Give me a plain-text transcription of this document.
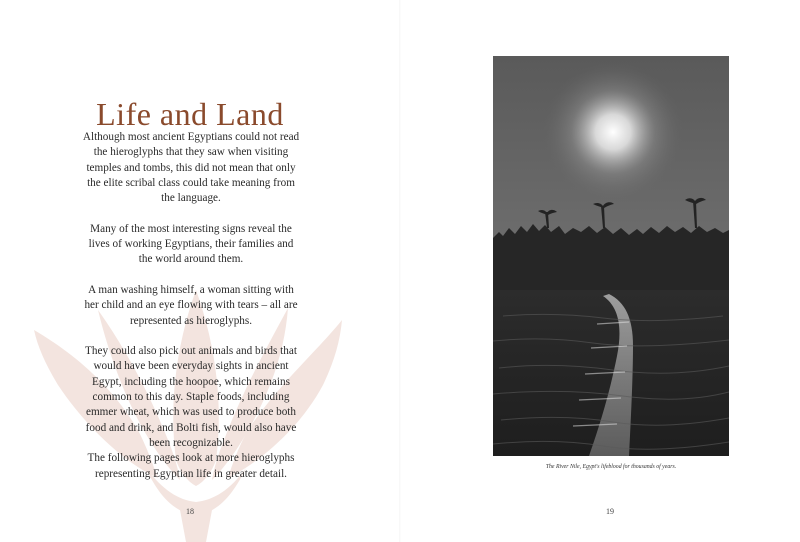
Life and Land

Although most ancient Egyptians could not read the hieroglyphs that they saw when visiting temples and tombs, this did not mean that only the elite scribal class could take meaning from the language.

Many of the most interesting signs reveal the lives of working Egyptians, their families and the world around them.

A man washing himself, a woman sitting with her child and an eye flowing with tears – all are represented as hieroglyphs.

They could also pick out animals and birds that would have been everyday sights in ancient Egypt, including the hoopoe, which remains common to this day. Staple foods, including emmer wheat, which was used to produce both food and drink, and Bolti fish, would also have been recognizable.

The following pages look at more hieroglyphs representing Egyptian life in greater detail.

18
The River Nile, Egypt's lifeblood for thousands of years.
19
